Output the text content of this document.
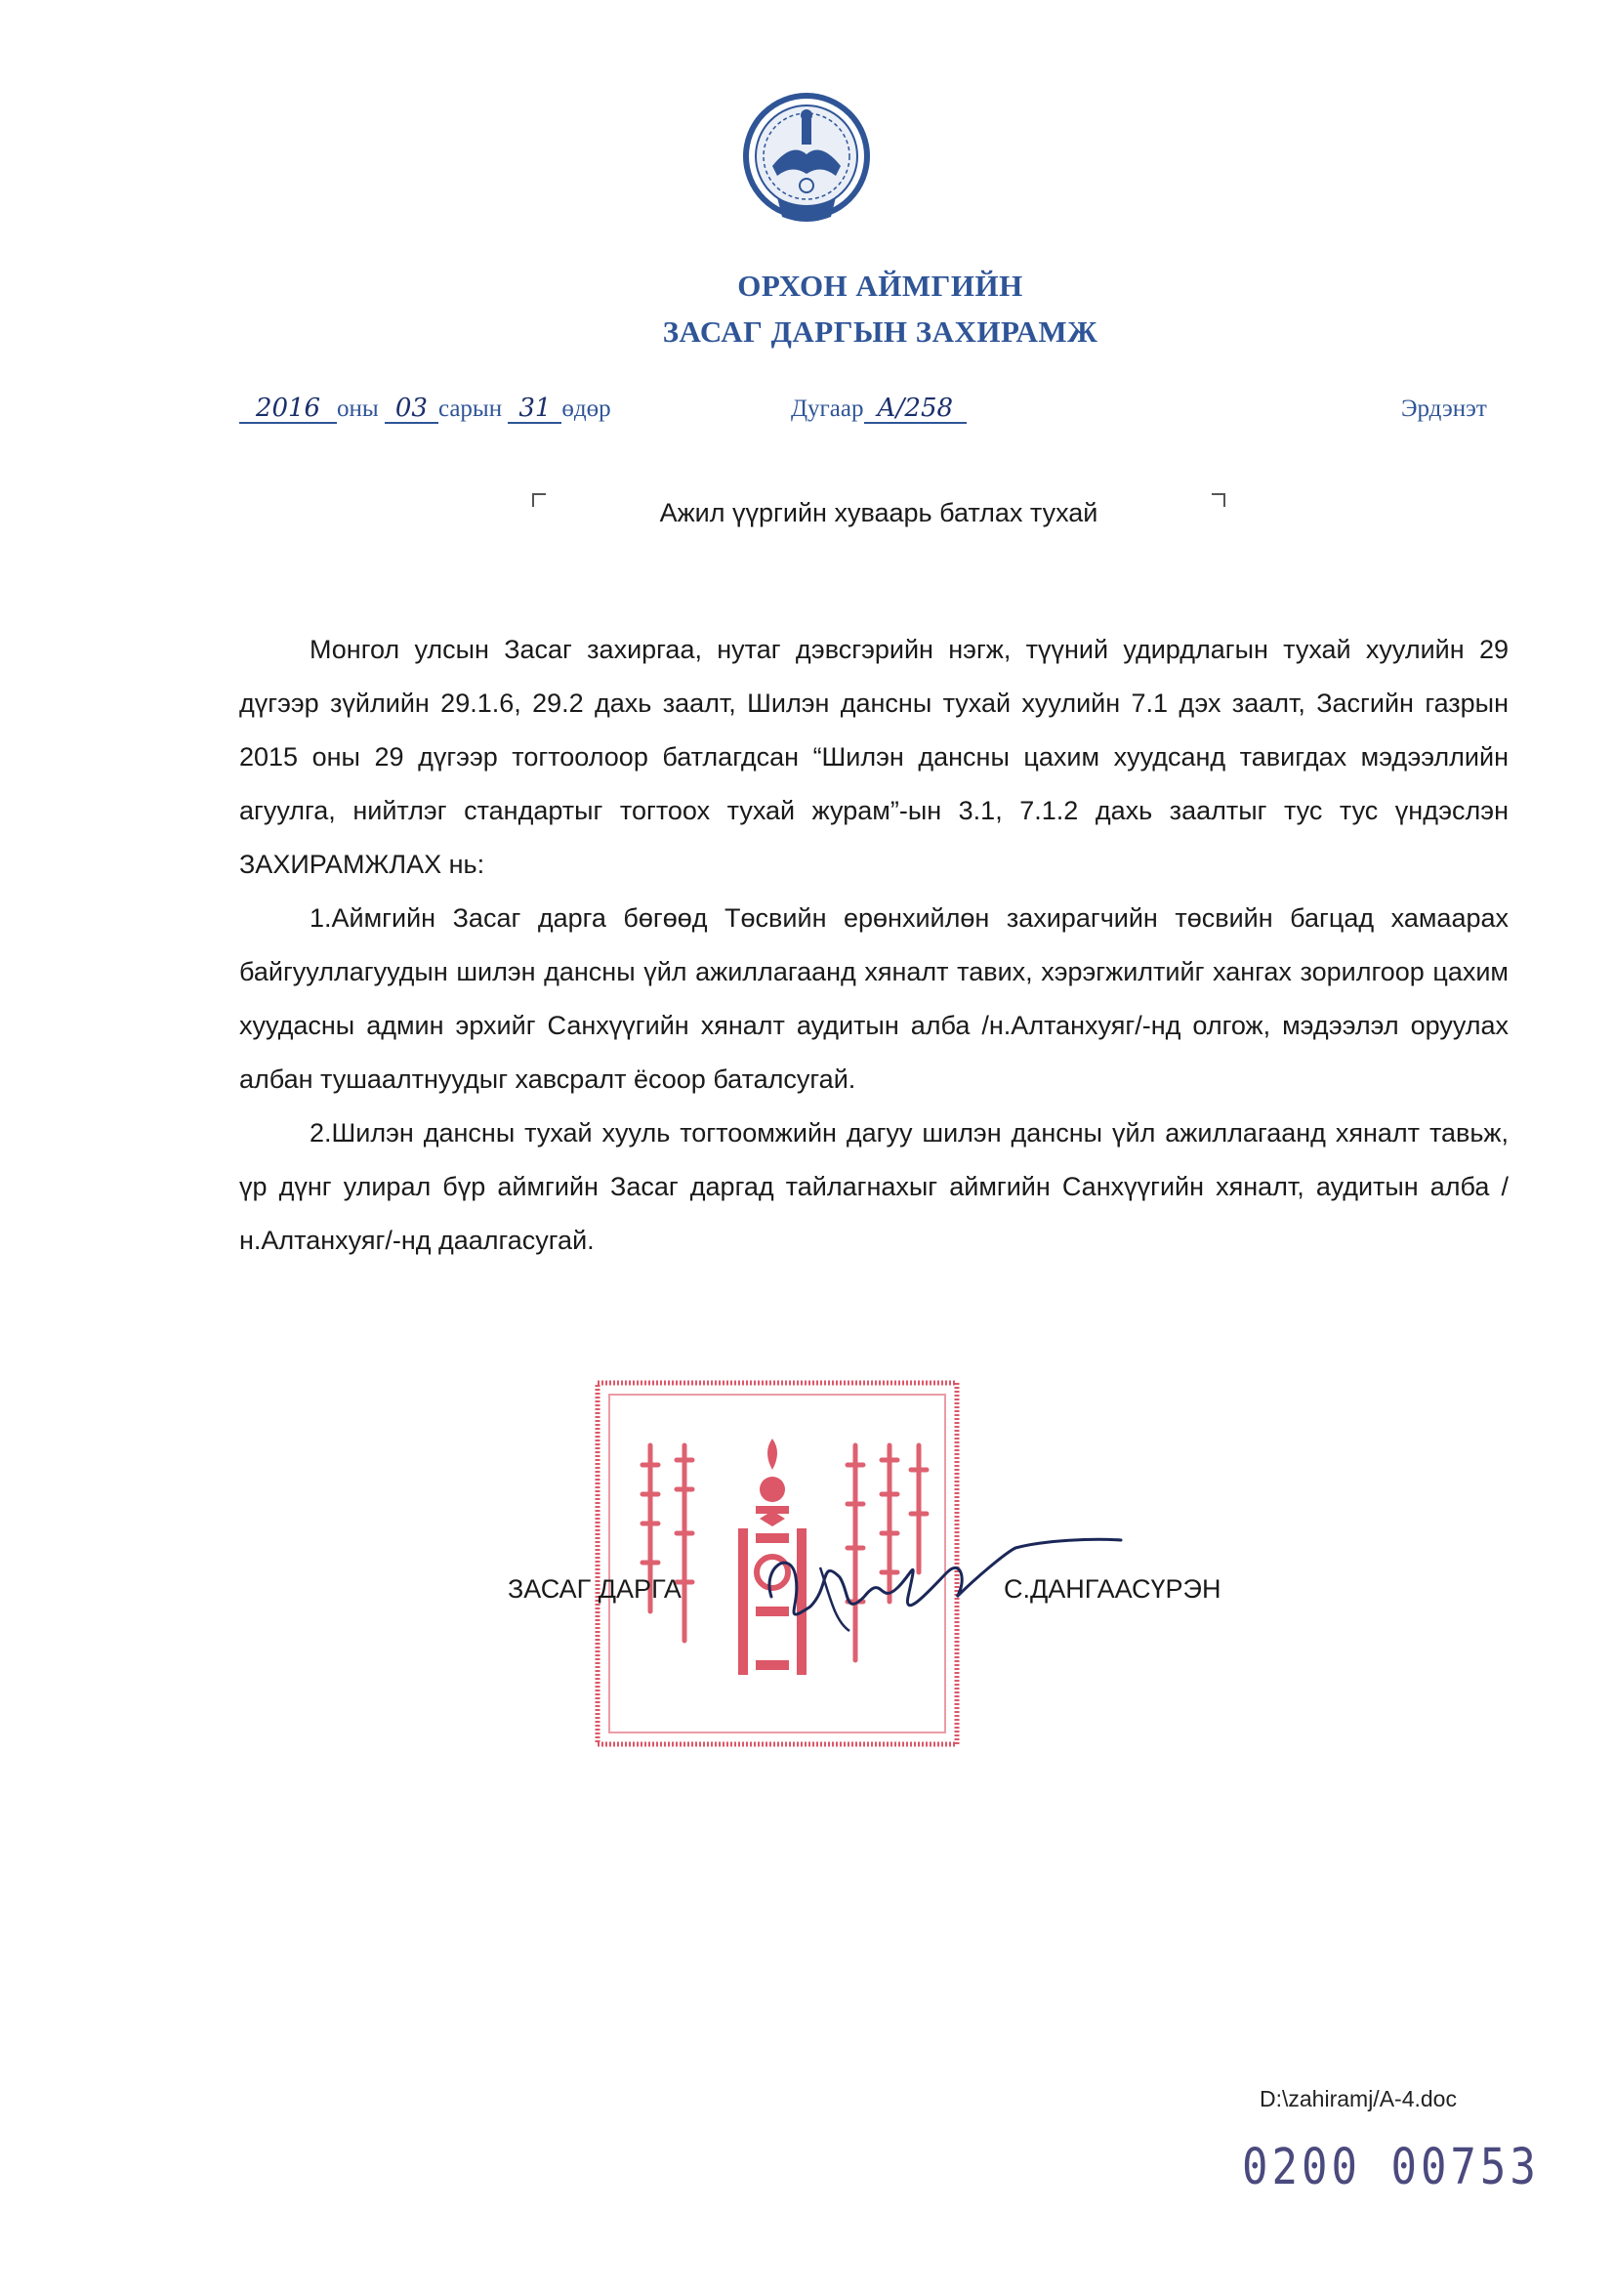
ОРХОН АЙМГИЙН
ЗАСАГ ДАРГЫН ЗАХИРАМЖ
2016 оны 03 сарын 31 өдөр	Дугаар А/258	Эрдэнэт
Ажил үүргийн хуваарь батлах тухай

Монгол улсын Засаг захиргаа, нутаг дэвсгэрийн нэгж, түүний удирдлагын тухай хуулийн 29 дүгээр зүйлийн 29.1.6, 29.2 дахь заалт, Шилэн дансны тухай хуулийн 7.1 дэх заалт, Засгийн газрын 2015 оны 29 дүгээр тогтоолоор батлагдсан “Шилэн дансны цахим хуудсанд тавигдах мэдээллийн агуулга, нийтлэг стандартыг тогтоох тухай журам”-ын 3.1, 7.1.2 дахь заалтыг тус тус үндэслэн ЗАХИРАМЖЛАХ нь:

1.Аймгийн Засаг дарга бөгөөд Төсвийн ерөнхийлөн захирагчийн төсвийн багцад хамаарах байгууллагуудын шилэн дансны үйл ажиллагаанд хяналт тавих, хэрэгжилтийг хангах зорилгоор цахим хуудасны админ эрхийг Санхүүгийн хяналт аудитын алба /н.Алтанхуяг/-нд олгож, мэдээлэл оруулах албан тушаалтнуудыг хавсралт ёсоор баталсугай.

2.Шилэн дансны тухай хууль тогтоомжийн дагуу шилэн дансны үйл ажиллагаанд хяналт тавьж, үр дүнг улирал бүр аймгийн Засаг даргад тайлагнахыг аймгийн Санхүүгийн хяналт, аудитын алба / н.Алтанхуяг/-нд даалгасугай.

ЗАСАГ ДАРГА	С.ДАНГААСҮРЭН
D:\zahiramj/A-4.doc
0200 00753
